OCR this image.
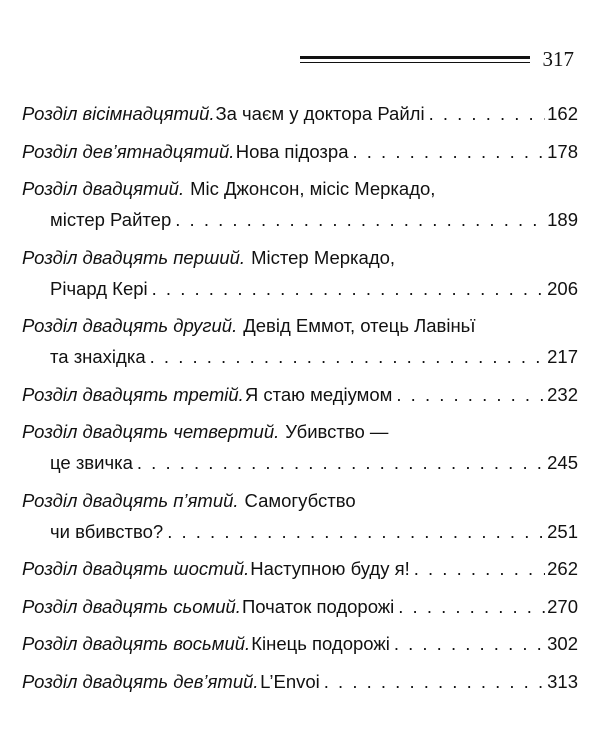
317
Розділ вісімнадцятий. За чаєм у доктора Райлі . . .	162
Розділ дев’ятнадцятий. Нова підозра . . .	178
Розділ двадцятий. Міс Джонсон, місіс Меркадо,
містер Райтер . . .	189
Розділ двадцять перший. Містер Меркадо,
Річард Кері . . .	206
Розділ двадцять другий. Девід Еммот, отець Лавіньї
та знахідка . . .	217
Розділ двадцять третій. Я стаю медіумом . . .	232
Розділ двадцять четвертий. Убивство —
це звичка . . .	245
Розділ двадцять п’ятий. Самогубство
чи вбивство? . . .	251
Розділ двадцять шостий. Наступною буду я! . . .	262
Розділ двадцять сьомий. Початок подорожі . . .	270
Розділ двадцять восьмий. Кінець подорожі . . .	302
Розділ двадцять дев’ятий. L’Envoi . . .	313
